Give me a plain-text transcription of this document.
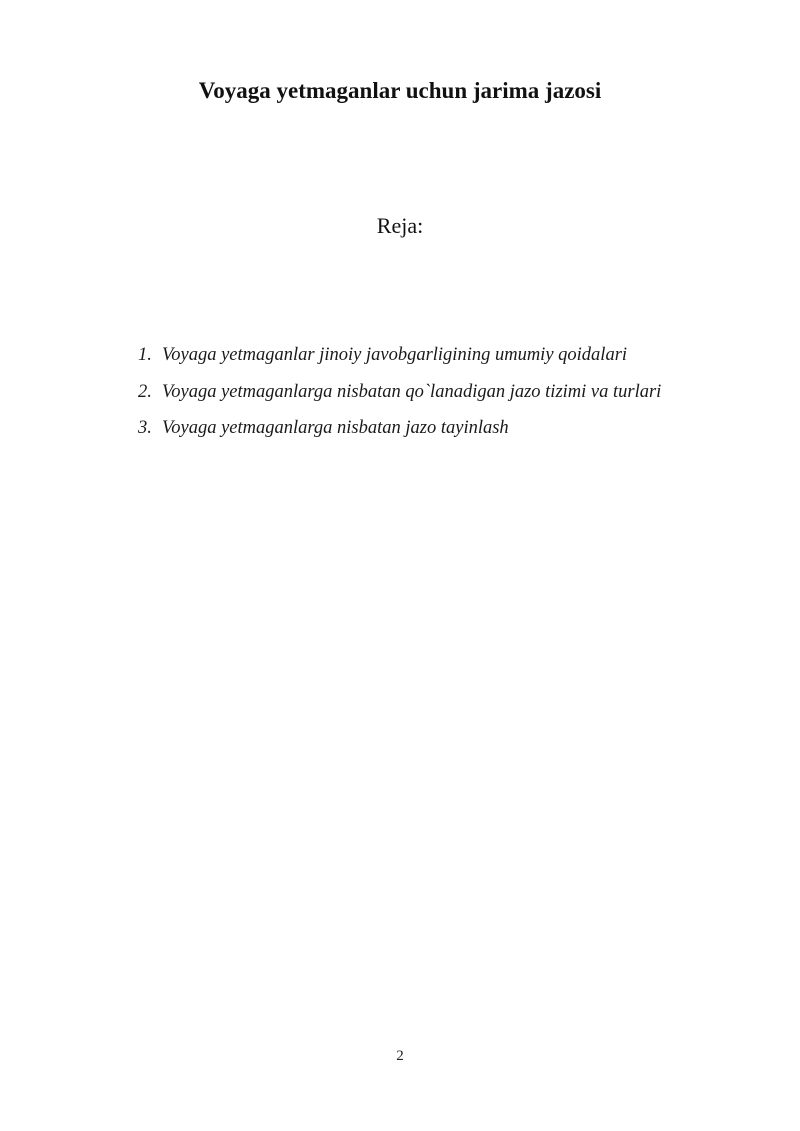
Voyaga yetmaganlar uchun jarima jazosi
Reja:
1. Voyaga yetmaganlar jinoiy javobgarligining umumiy qoidalari
2. Voyaga yetmaganlarga nisbatan qo`lanadigan jazo tizimi va turlari
3. Voyaga yetmaganlarga nisbatan jazo tayinlash
2
